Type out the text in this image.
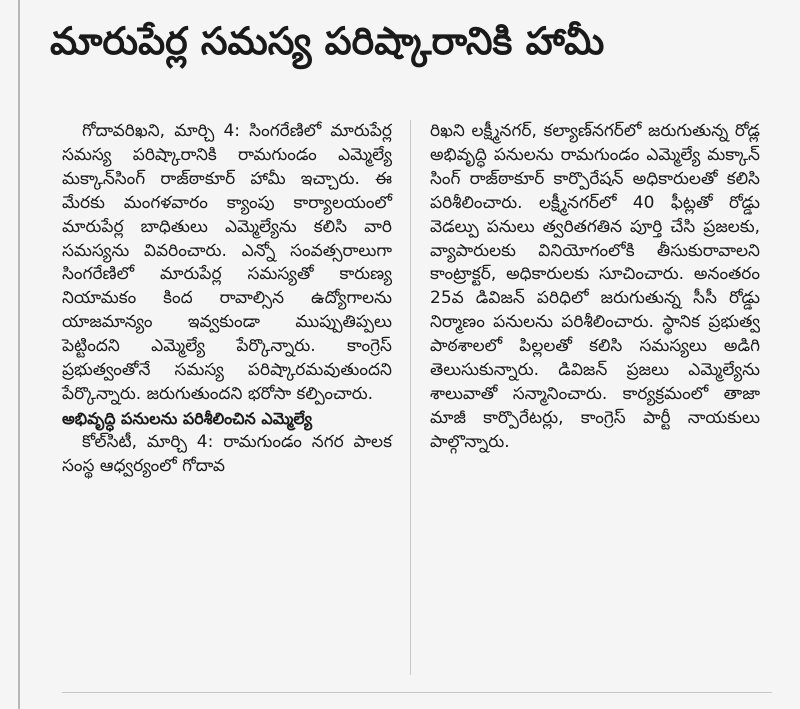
మారుపేర్ల సమస్య పరిష్కారానికి హామీ

గోదావరిఖని, మార్చి 4: సింగరేణిలో మారుపేర్ల సమస్య పరిష్కారానికి రామగుండం ఎమ్మెల్యే మక్కాన్‌సింగ్ రాజ్‌ఠాకూర్ హామీ ఇచ్చారు. ఈ మేరకు మంగళవారం క్యాంపు కార్యాలయంలో మారుపేర్ల బాధితులు ఎమ్మెల్యేను కలిసి వారి సమస్యను వివరించారు. ఎన్నో సంవత్సరాలుగా సింగరేణిలో మారుపేర్ల సమస్యతో కారుణ్య నియామకం కింద రావాల్సిన ఉద్యోగాలను యాజమాన్యం ఇవ్వకుండా ముప్పుతిప్పలు పెట్టిందని ఎమ్మెల్యే పేర్కొన్నారు. కాంగ్రెస్ ప్రభుత్వంతోనే సమస్య పరిష్కారమవుతుందని పేర్కొన్నారు. జరుగుతుందని భరోసా కల్పించారు.

అభివృద్ధి పనులను పరిశీలించిన ఎమ్మెల్యే

కోల్‌సిటీ, మార్చి 4: రామగుండం నగర పాలక సంస్థ ఆధ్వర్యంలో గోదావ

రిఖని లక్ష్మీనగర్, కల్యాణ్‌నగర్‌లో జరుగుతున్న రోడ్ల అభివృద్ధి పనులను రామగుండం ఎమ్మెల్యే మక్కాన్ సింగ్ రాజ్‌ఠాకూర్ కార్పొరేషన్ అధికారులతో కలిసి పరిశీలించారు. లక్ష్మీనగర్‌లో 40 ఫీట్లతో రోడ్డు వెడల్పు పనులు త్వరితగతిన పూర్తి చేసి ప్రజలకు, వ్యాపారులకు వినియోగంలోకి తీసుకురావాలని కాంట్రాక్టర్, అధికారులకు సూచించారు. అనంతరం 25వ డివిజన్ పరిధిలో జరుగుతున్న సీసీ రోడ్డు నిర్మాణం పనులను పరిశీలించారు. స్థానిక ప్రభుత్వ పాఠశాలలో పిల్లలతో కలిసి సమస్యలు అడిగి తెలుసుకున్నారు. డివిజన్ ప్రజలు ఎమ్మెల్యేను శాలువాతో సన్మానించారు. కార్యక్రమంలో తాజా మాజీ కార్పొరేటర్లు, కాంగ్రెస్ పార్టీ నాయకులు పాల్గొన్నారు.
